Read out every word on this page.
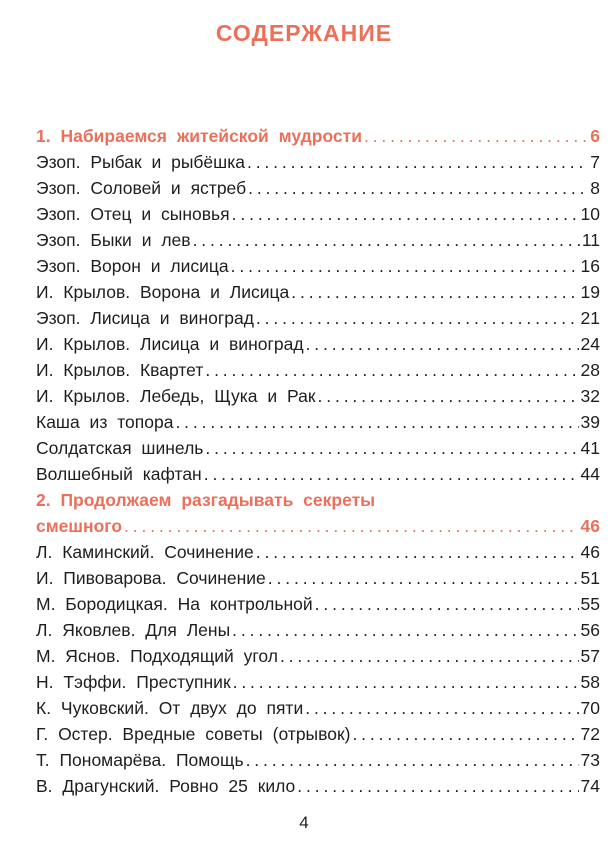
СОДЕРЖАНИЕ
1. Набираемся житейской мудрости . . .	6
Эзоп. Рыбак и рыбёшка . . .	7
Эзоп. Соловей и ястреб . . .	8
Эзоп. Отец и сыновья . . .	10
Эзоп. Быки и лев . . .	11
Эзоп. Ворон и лисица . . .	16
И. Крылов. Ворона и Лисица . . .	19
Эзоп. Лисица и виноград . . .	21
И. Крылов. Лисица и виноград . . .	24
И. Крылов. Квартет . . .	28
И. Крылов. Лебедь, Щука и Рак . . .	32
Каша из топора . . .	39
Солдатская шинель . . .	41
Волшебный кафтан . . .	44
2. Продолжаем разгадывать секреты
смешного . . .	46
Л. Каминский. Сочинение . . .	46
И. Пивоварова. Сочинение . . .	51
М. Бородицкая. На контрольной . . .	55
Л. Яковлев. Для Лены . . .	56
М. Яснов. Подходящий угол . . .	57
Н. Тэффи. Преступник . . .	58
К. Чуковский. От двух до пяти . . .	70
Г. Остер. Вредные советы (отрывок) . . .	72
Т. Пономарёва. Помощь . . .	73
В. Драгунский. Ровно 25 кило . . .	74
4
